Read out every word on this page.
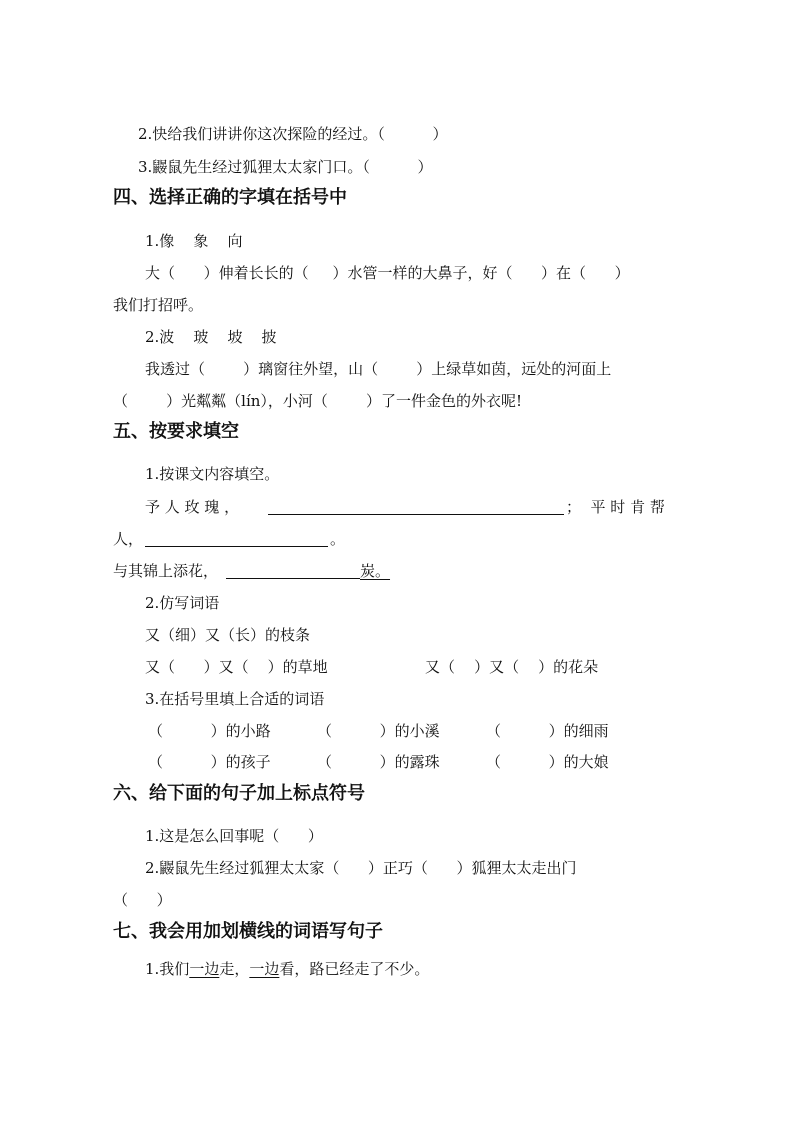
2.快给我们讲讲你这次探险的经过。（          ）
3.鼹鼠先生经过狐狸太太家门口。（          ）
四、选择正确的字填在括号中
1.像    象    向
大（      ）伸着长长的（     ）水管一样的大鼻子，好（      ）在（      ）
我们打招呼。
2.波    玻    坡    披
我透过（        ）璃窗往外望，山（        ）上绿草如茵，远处的河面上
（        ）光粼粼（lín），小河（        ）了一件金色的外衣呢!
五、按要求填空
1.按课文内容填空。
予 人 玫 瑰 ，	；  平 时 肯 帮
人，	。
与其锦上添花，	炭。
2.仿写词语
又（细）又（长）的枝条
又（      ）又（    ）的草地	又（    ）又（    ）的花朵
3.在括号里填上合适的词语
（          ）的小路	（          ）的小溪	（          ）的细雨
（          ）的孩子	（          ）的露珠	（          ）的大娘
六、给下面的句子加上标点符号
1.这是怎么回事呢（      ）
2.鼹鼠先生经过狐狸太太家（      ）正巧（      ）狐狸太太走出门
（      ）
七、我会用加划横线的词语写句子
1.我们一边走，一边看，路已经走了不少。
